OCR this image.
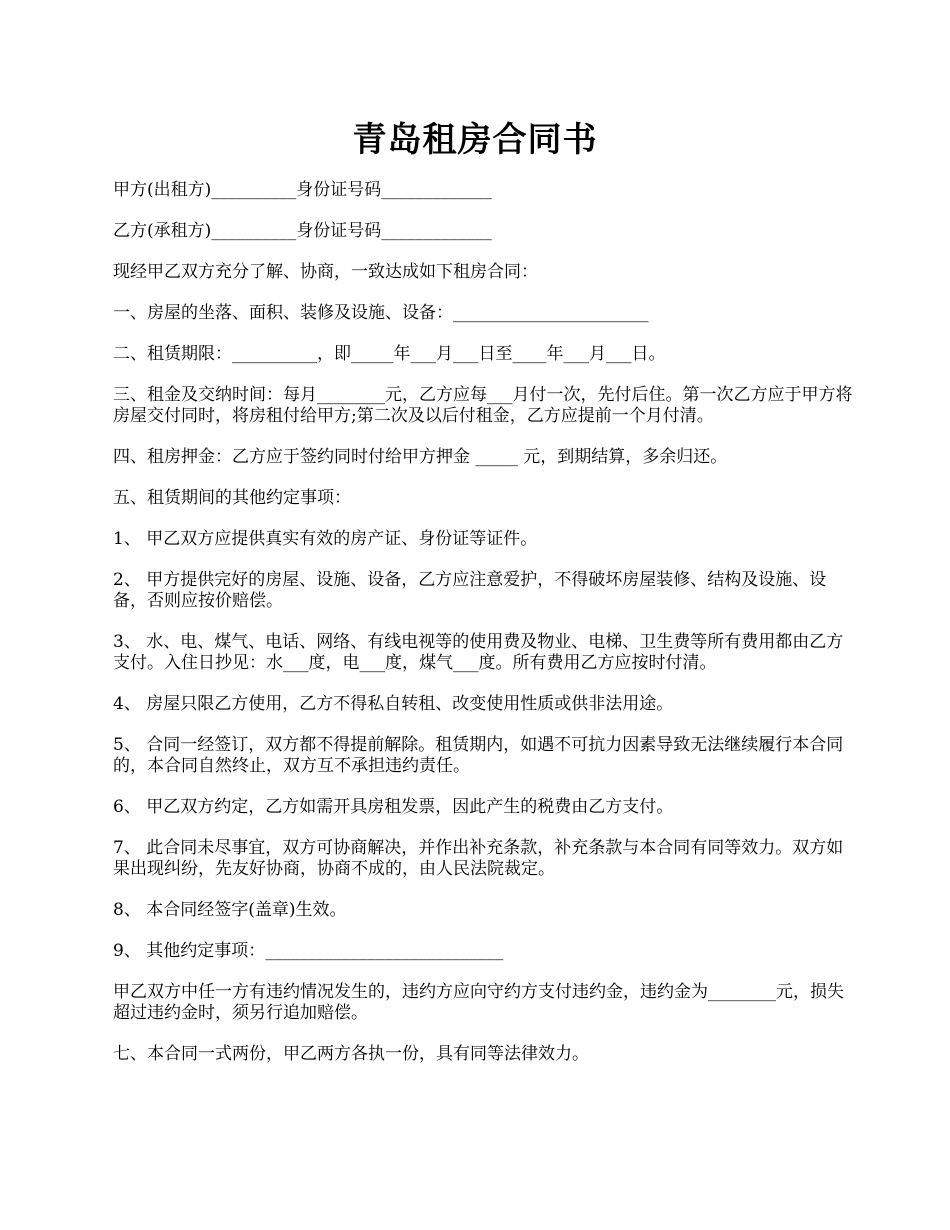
青岛租房合同书

甲方(出租方)__________身份证号码_____________

乙方(承租方)__________身份证号码_____________

现经甲乙双方充分了解、协商，一致达成如下租房合同：

一、房屋的坐落、面积、装修及设施、设备：_______________________

二、租赁期限：__________，即_____年___月___日至____年___月___日。

三、租金及交纳时间：每月________元，乙方应每___月付一次，先付后住。第一次乙方应于甲方将房屋交付同时，将房租付给甲方;第二次及以后付租金，乙方应提前一个月付清。

四、租房押金：乙方应于签约同时付给甲方押金 _____ 元，到期结算，多余归还。

五、租赁期间的其他约定事项：

1、 甲乙双方应提供真实有效的房产证、身份证等证件。

2、 甲方提供完好的房屋、设施、设备，乙方应注意爱护，不得破坏房屋装修、结构及设施、设备，否则应按价赔偿。

3、 水、电、煤气、电话、网络、有线电视等的使用费及物业、电梯、卫生费等所有费用都由乙方支付。入住日抄见：水___度，电___度，煤气___度。所有费用乙方应按时付清。

4、 房屋只限乙方使用，乙方不得私自转租、改变使用性质或供非法用途。

5、 合同一经签订，双方都不得提前解除。租赁期内，如遇不可抗力因素导致无法继续履行本合同的，本合同自然终止，双方互不承担违约责任。

6、 甲乙双方约定，乙方如需开具房租发票，因此产生的税费由乙方支付。

7、 此合同未尽事宜，双方可协商解决，并作出补充条款，补充条款与本合同有同等效力。双方如果出现纠纷，先友好协商，协商不成的，由人民法院裁定。

8、 本合同经签字(盖章)生效。

9、 其他约定事项：____________________________

甲乙双方中任一方有违约情况发生的，违约方应向守约方支付违约金，违约金为________元，损失超过违约金时，须另行追加赔偿。

七、本合同一式两份，甲乙两方各执一份，具有同等法律效力。
